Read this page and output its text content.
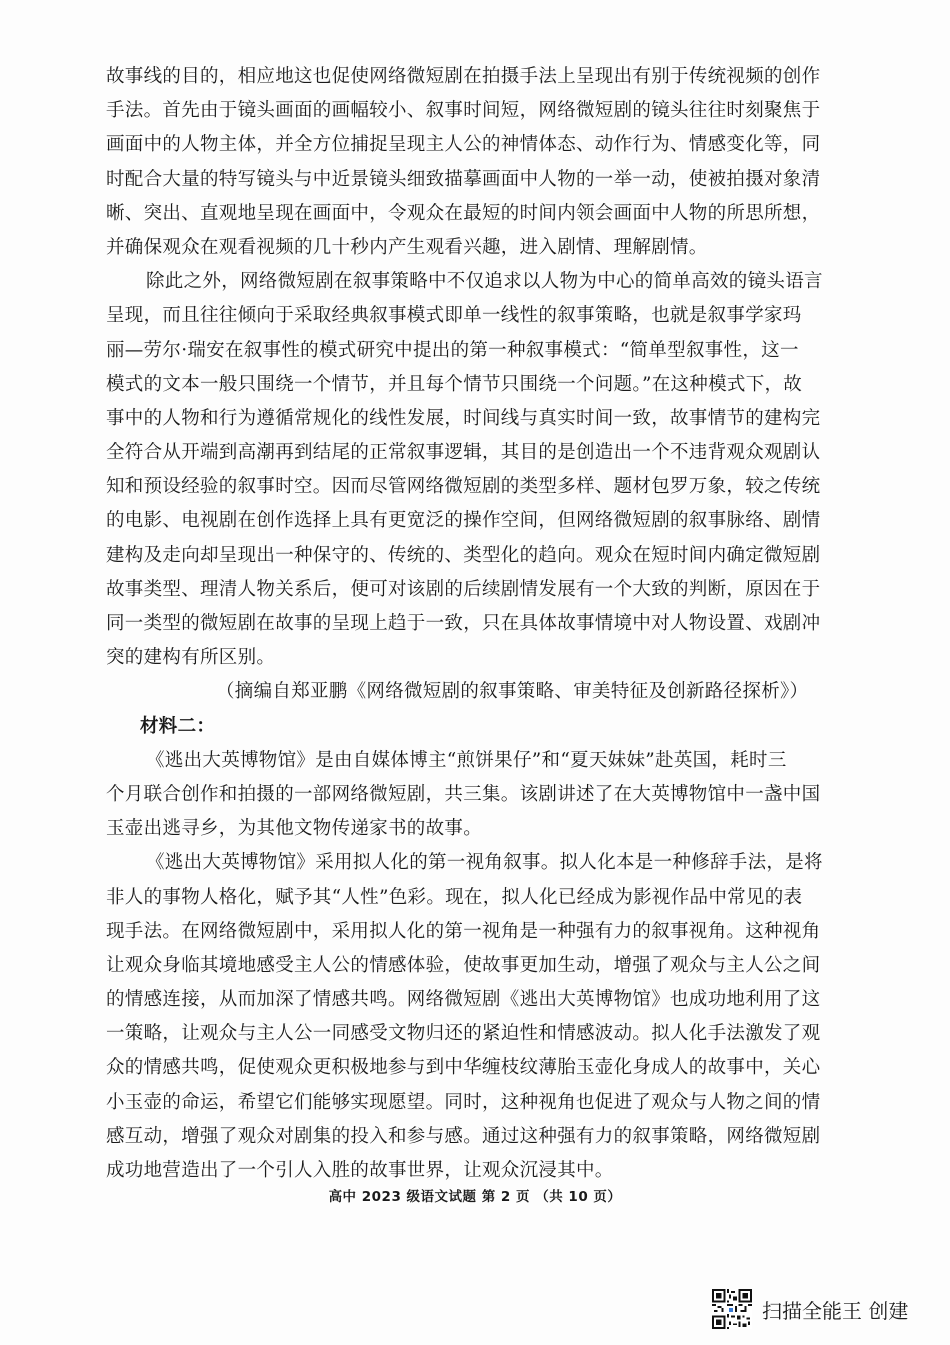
故事线的目的，相应地这也促使网络微短剧在拍摄手法上呈现出有别于传统视频的创作
手法。首先由于镜头画面的画幅较小、叙事时间短，网络微短剧的镜头往往时刻聚焦于
画面中的人物主体，并全方位捕捉呈现主人公的神情体态、动作行为、情感变化等，同
时配合大量的特写镜头与中近景镜头细致描摹画面中人物的一举一动，使被拍摄对象清
晰、突出、直观地呈现在画面中，令观众在最短的时间内领会画面中人物的所思所想，
并确保观众在观看视频的几十秒内产生观看兴趣，进入剧情、理解剧情。
除此之外，网络微短剧在叙事策略中不仅追求以人物为中心的简单高效的镜头语言
呈现，而且往往倾向于采取经典叙事模式即单一线性的叙事策略，也就是叙事学家玛
丽—劳尔·瑞安在叙事性的模式研究中提出的第一种叙事模式：“简单型叙事性，这一
模式的文本一般只围绕一个情节，并且每个情节只围绕一个问题。”在这种模式下，故
事中的人物和行为遵循常规化的线性发展，时间线与真实时间一致，故事情节的建构完
全符合从开端到高潮再到结尾的正常叙事逻辑，其目的是创造出一个不违背观众观剧认
知和预设经验的叙事时空。因而尽管网络微短剧的类型多样、题材包罗万象，较之传统
的电影、电视剧在创作选择上具有更宽泛的操作空间，但网络微短剧的叙事脉络、剧情
建构及走向却呈现出一种保守的、传统的、类型化的趋向。观众在短时间内确定微短剧
故事类型、理清人物关系后，便可对该剧的后续剧情发展有一个大致的判断，原因在于
同一类型的微短剧在故事的呈现上趋于一致，只在具体故事情境中对人物设置、戏剧冲
突的建构有所区别。
（摘编自郑亚鹏《网络微短剧的叙事策略、审美特征及创新路径探析》）
材料二：
《逃出大英博物馆》是由自媒体博主“煎饼果仔”和“夏天妹妹”赴英国，耗时三
个月联合创作和拍摄的一部网络微短剧，共三集。该剧讲述了在大英博物馆中一盏中国
玉壶出逃寻乡，为其他文物传递家书的故事。
《逃出大英博物馆》采用拟人化的第一视角叙事。拟人化本是一种修辞手法，是将
非人的事物人格化，赋予其“人性”色彩。现在，拟人化已经成为影视作品中常见的表
现手法。在网络微短剧中，采用拟人化的第一视角是一种强有力的叙事视角。这种视角
让观众身临其境地感受主人公的情感体验，使故事更加生动，增强了观众与主人公之间
的情感连接，从而加深了情感共鸣。网络微短剧《逃出大英博物馆》也成功地利用了这
一策略，让观众与主人公一同感受文物归还的紧迫性和情感波动。拟人化手法激发了观
众的情感共鸣，促使观众更积极地参与到中华缠枝纹薄胎玉壶化身成人的故事中，关心
小玉壶的命运，希望它们能够实现愿望。同时，这种视角也促进了观众与人物之间的情
感互动，增强了观众对剧集的投入和参与感。通过这种强有力的叙事策略，网络微短剧
成功地营造出了一个引人入胜的故事世界，让观众沉浸其中。
高中 2023 级语文试题 第 2 页 （共 10 页）
扫描全能王 创建
